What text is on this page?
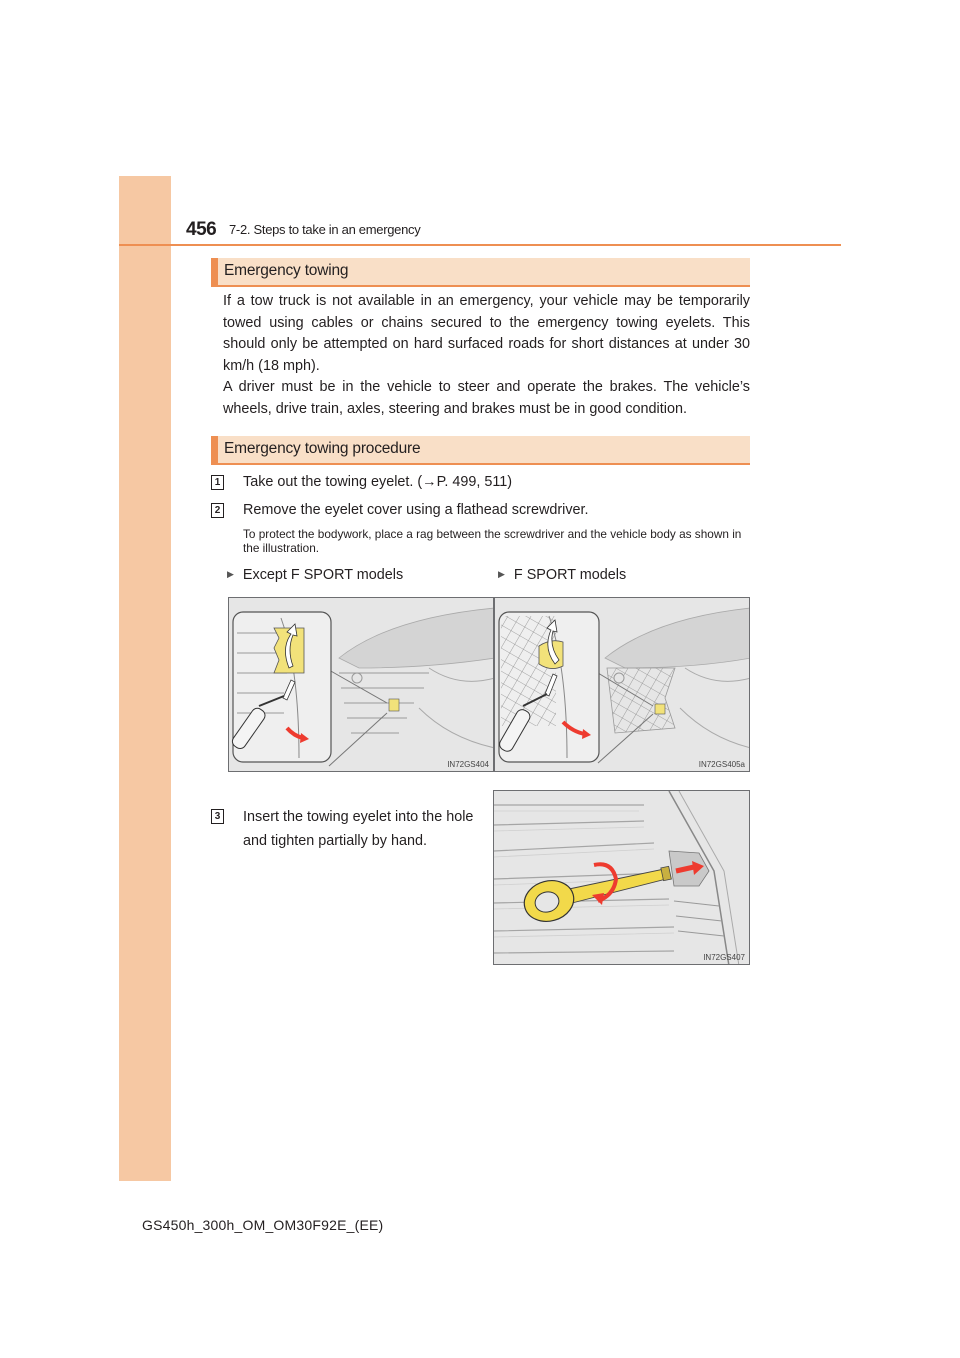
456 7-2. Steps to take in an emergency
Emergency towing
If a tow truck is not available in an emergency, your vehicle may be temporarily towed using cables or chains secured to the emergency towing eyelets. This should only be attempted on hard surfaced roads for short distances at under 30 km/h (18 mph).
A driver must be in the vehicle to steer and operate the brakes. The vehicle’s wheels, drive train, axles, steering and brakes must be in good condition.
Emergency towing procedure
1 Take out the towing eyelet. (→P. 499, 511)
2 Remove the eyelet cover using a flathead screwdriver.
To protect the bodywork, place a rag between the screwdriver and the vehicle body as shown in the illustration.
▶ Except F SPORT models	▶ F SPORT models
IN72GS404	IN72GS405a
3 Insert the towing eyelet into the hole
and tighten partially by hand.
IN72GS407
GS450h_300h_OM_OM30F92E_(EE)
